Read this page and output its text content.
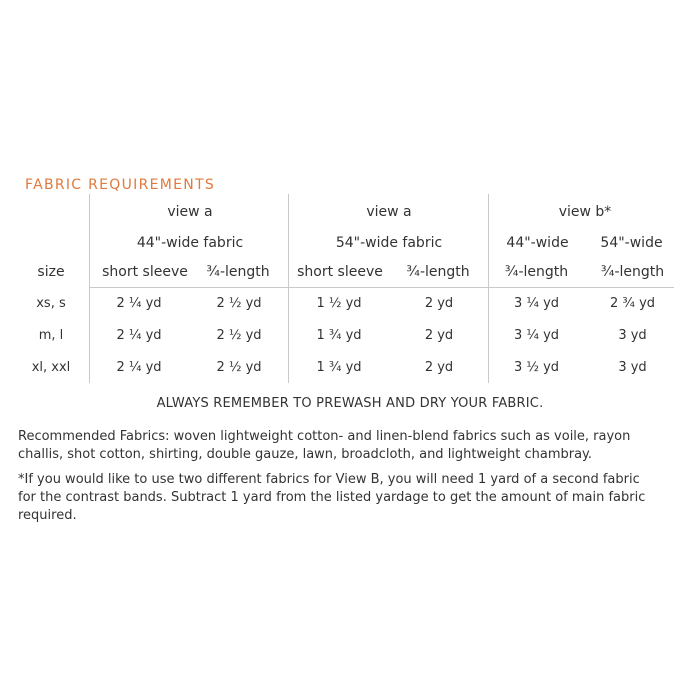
FABRIC REQUIREMENTS
view a	view a	view b*
44"-wide fabric	54"-wide fabric	44"-wide	54"-wide
size	short sleeve	¾-length	short sleeve	¾-length	¾-length	¾-length
xs, s	2 ¼ yd	2 ½ yd	1 ½ yd	2 yd	3 ¼ yd	2 ¾ yd
m, l	2 ¼ yd	2 ½ yd	1 ¾ yd	2 yd	3 ¼ yd	3 yd
xl, xxl	2 ¼ yd	2 ½ yd	1 ¾ yd	2 yd	3 ½ yd	3 yd
ALWAYS REMEMBER TO PREWASH AND DRY YOUR FABRIC.
Recommended Fabrics: woven lightweight cotton- and linen-blend fabrics such as voile, rayon
challis, shot cotton, shirting, double gauze, lawn, broadcloth, and lightweight chambray.
*If you would like to use two different fabrics for View B, you will need 1 yard of a second fabric
for the contrast bands. Subtract 1 yard from the listed yardage to get the amount of main fabric
required.
